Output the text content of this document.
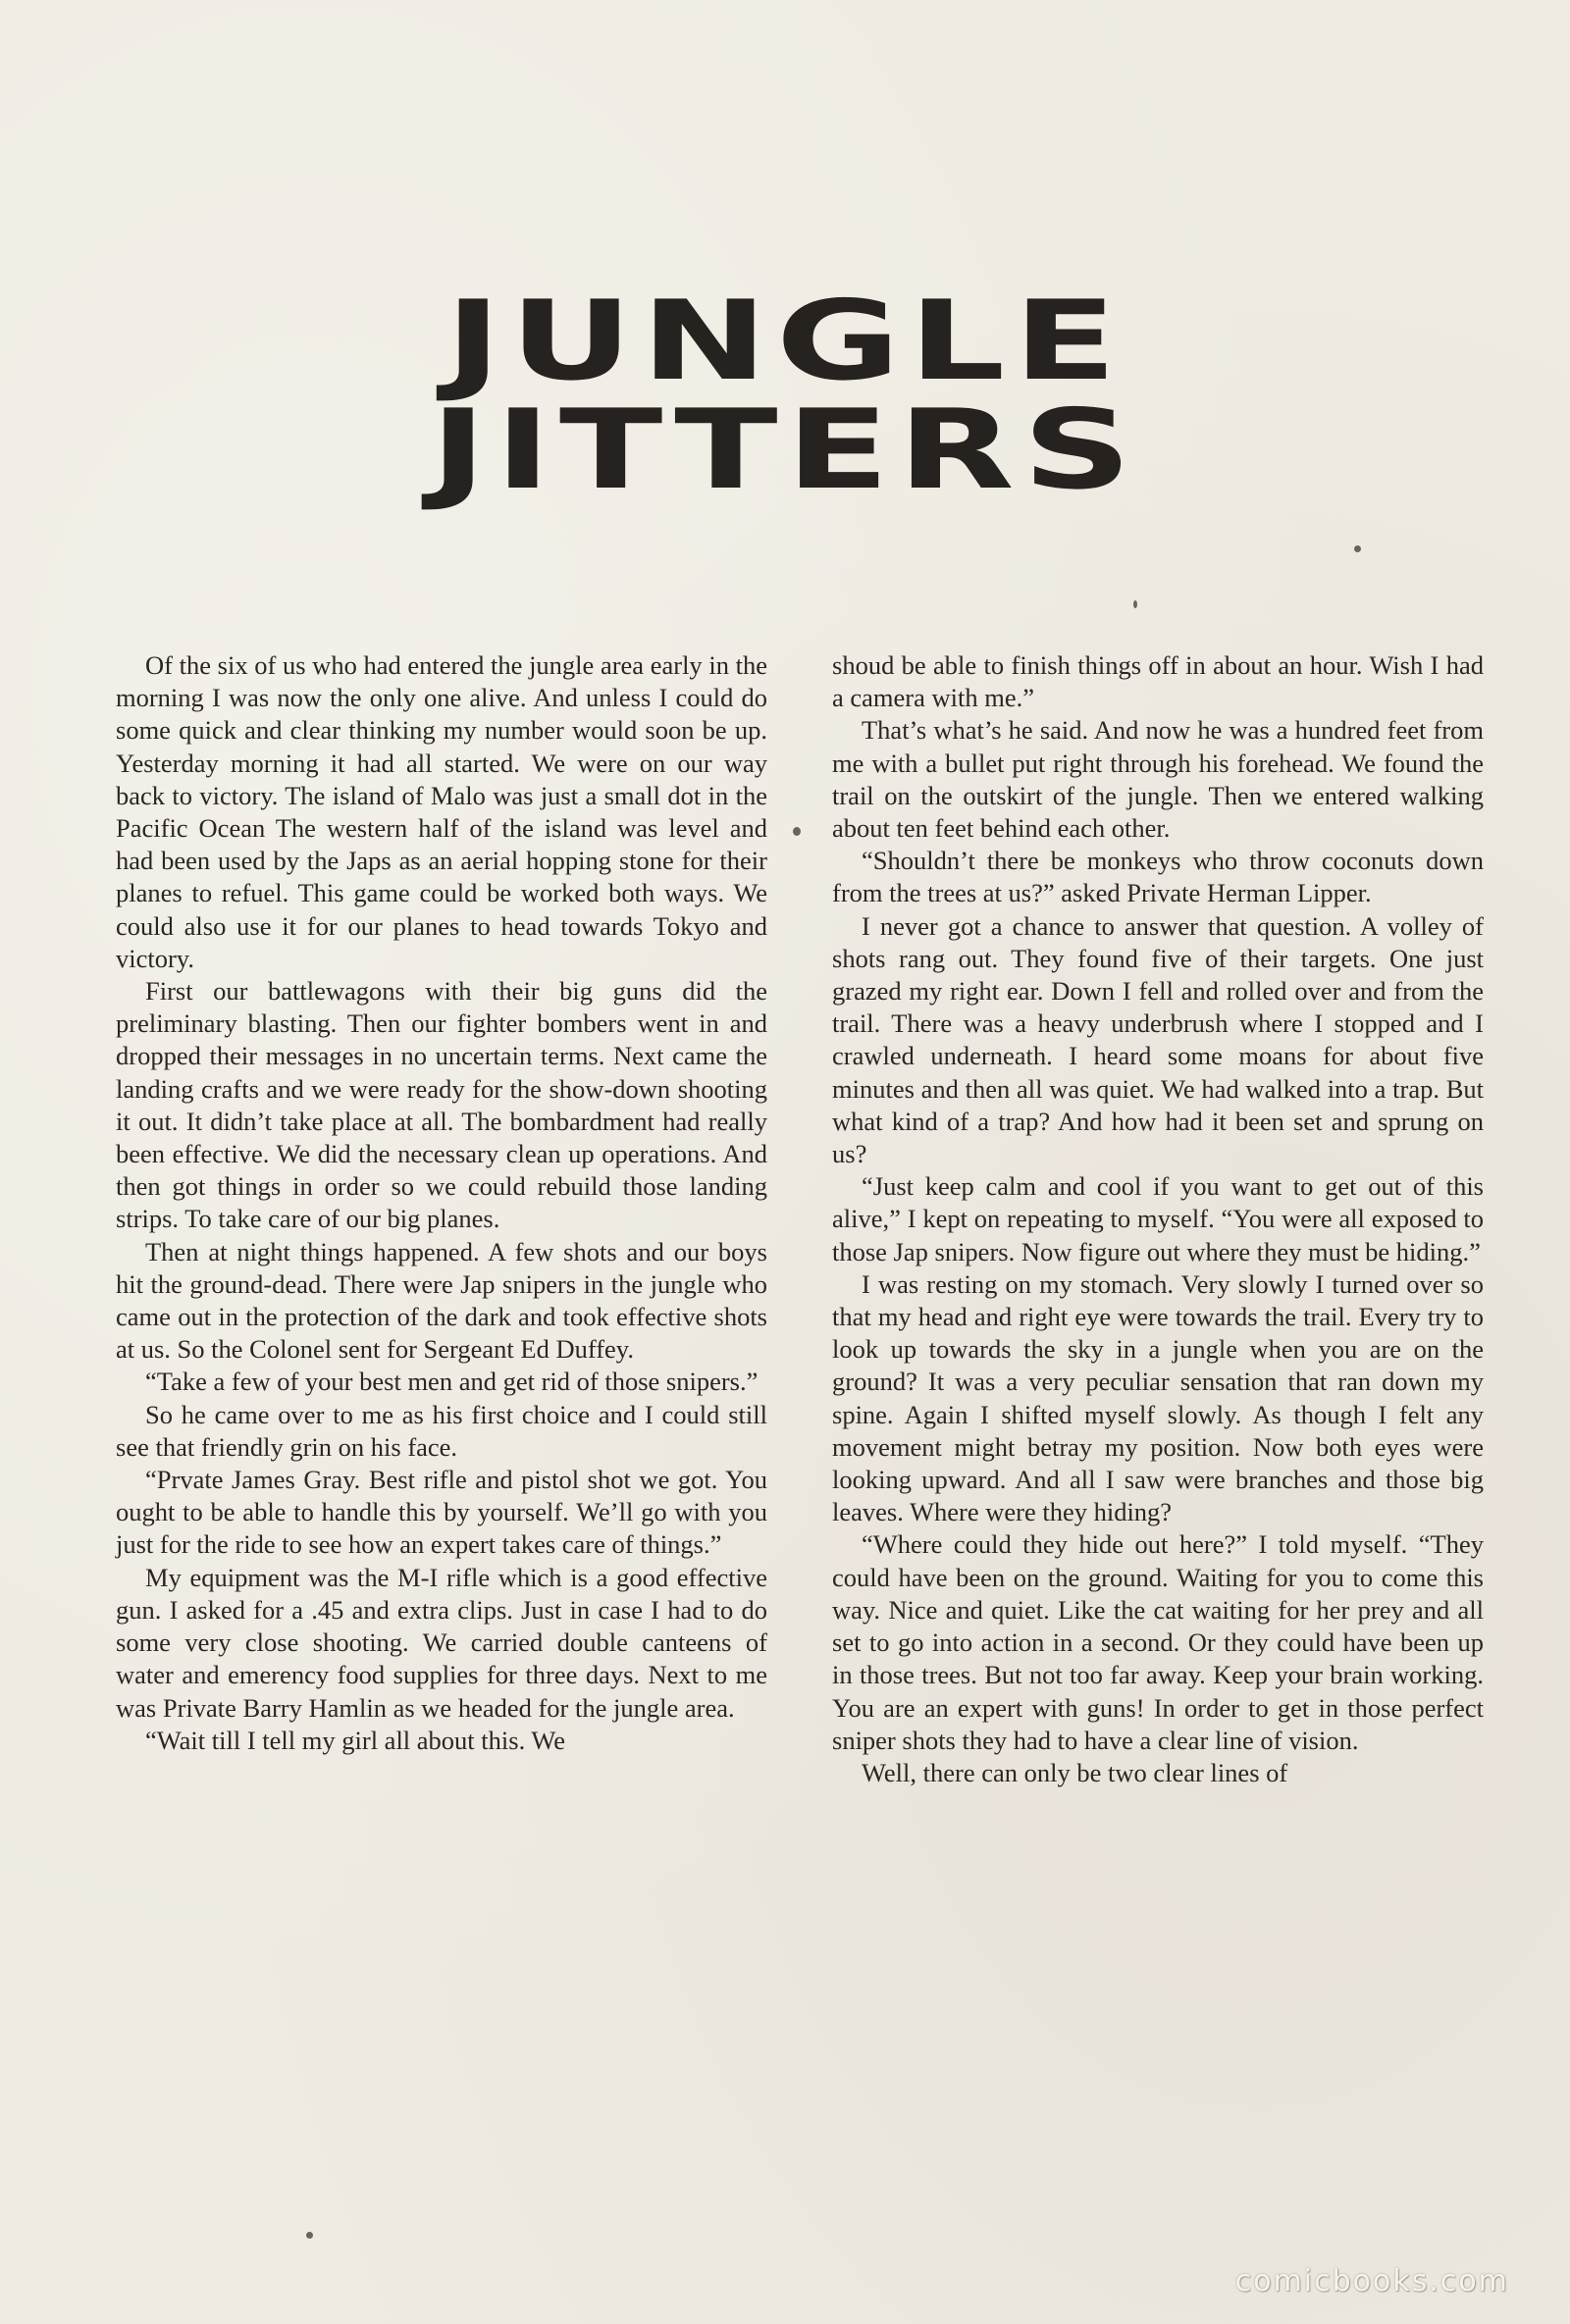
JUNGLE
JITTERS

Of the six of us who had entered the jungle area early in the morning I was now the only one alive. And unless I could do some quick and clear thinking my number would soon be up. Yesterday morning it had all started. We were on our way back to victory. The island of Malo was just a small dot in the Pacific Ocean The western half of the island was level and had been used by the Japs as an aerial hopping stone for their planes to refuel. This game could be worked both ways. We could also use it for our planes to head towards Tokyo and victory.

First our battlewagons with their big guns did the preliminary blasting. Then our fighter bombers went in and dropped their messages in no uncertain terms. Next came the landing crafts and we were ready for the show-down shooting it out. It didn’t take place at all. The bombardment had really been effective. We did the necessary clean up operations. And then got things in order so we could rebuild those landing strips. To take care of our big planes.

Then at night things happened. A few shots and our boys hit the ground-dead. There were Jap snipers in the jungle who came out in the protection of the dark and took effective shots at us. So the Colonel sent for Sergeant Ed Duffey.

“Take a few of your best men and get rid of those snipers.”

So he came over to me as his first choice and I could still see that friendly grin on his face.

“Prvate James Gray. Best rifle and pistol shot we got. You ought to be able to handle this by yourself. We’ll go with you just for the ride to see how an expert takes care of things.”

My equipment was the M-I rifle which is a good effective gun. I asked for a .45 and extra clips. Just in case I had to do some very close shooting. We carried double canteens of water and emerency food supplies for three days. Next to me was Private Barry Hamlin as we headed for the jungle area.

“Wait till I tell my girl all about this. We

shoud be able to finish things off in about an hour. Wish I had a camera with me.”

That’s what’s he said. And now he was a hundred feet from me with a bullet put right through his forehead. We found the trail on the outskirt of the jungle. Then we entered walking about ten feet behind each other.

“Shouldn’t there be monkeys who throw coconuts down from the trees at us?” asked Private Herman Lipper.

I never got a chance to answer that question. A volley of shots rang out. They found five of their targets. One just grazed my right ear. Down I fell and rolled over and from the trail. There was a heavy underbrush where I stopped and I crawled underneath. I heard some moans for about five minutes and then all was quiet. We had walked into a trap. But what kind of a trap? And how had it been set and sprung on us?

“Just keep calm and cool if you want to get out of this alive,” I kept on repeating to myself. “You were all exposed to those Jap snipers. Now figure out where they must be hiding.”

I was resting on my stomach. Very slowly I turned over so that my head and right eye were towards the trail. Every try to look up towards the sky in a jungle when you are on the ground? It was a very peculiar sensation that ran down my spine. Again I shifted myself slowly. As though I felt any movement might betray my position. Now both eyes were looking upward. And all I saw were branches and those big leaves. Where were they hiding?

“Where could they hide out here?” I told myself. “They could have been on the ground. Waiting for you to come this way. Nice and quiet. Like the cat waiting for her prey and all set to go into action in a second. Or they could have been up in those trees. But not too far away. Keep your brain working. You are an expert with guns! In order to get in those perfect sniper shots they had to have a clear line of vision.

Well, there can only be two clear lines of

comicbooks.com
